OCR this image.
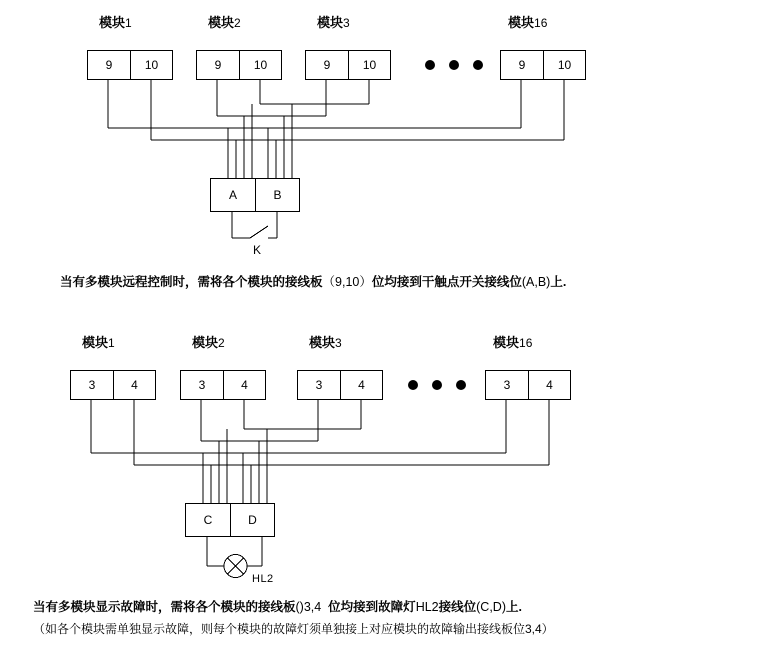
模块1	模块2	模块3	模块16
9	10	9	10	9	10	9	10
A	B
K
当有多模块远程控制时，需将各个模块的接线板（9,10）位均接到干触点开关接线位(A,B)上.
模块1	模块2	模块3	模块16
3	4	3	4	3	4	3	4
C	D
HL2
当有多模块显示故障时，需将各个模块的接线板()3,4 位均接到故障灯HL2接线位(C,D)上.
（如各个模块需单独显示故障，则每个模块的故障灯须单独接上对应模块的故障输出接线板位3,4）
